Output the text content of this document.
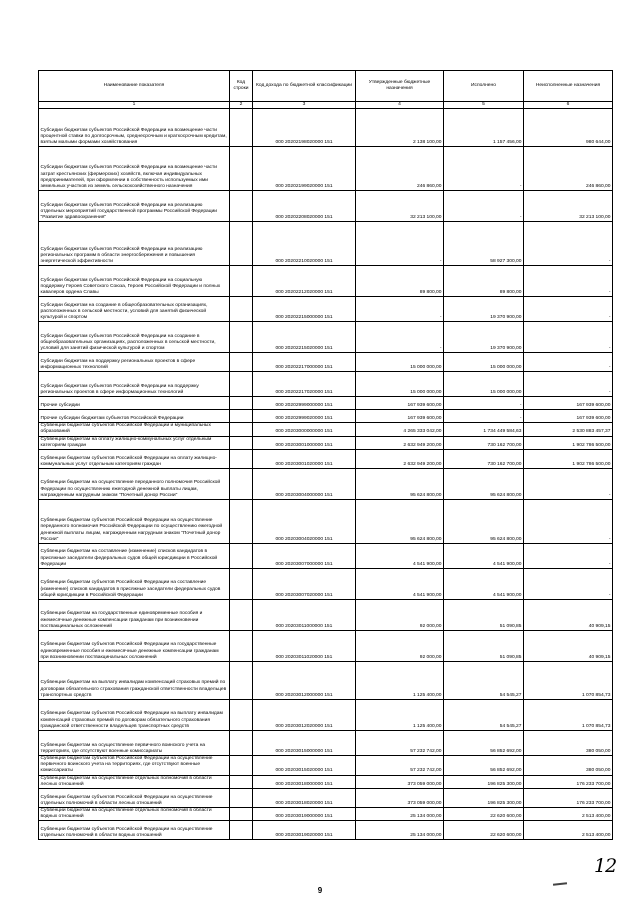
Наименование показателя	Код строки	Код дохода по бюджетной классификации	Утвержденные бюджетные назначения	Исполнено	Неисполненные назначения
1	2	3	4	5	6
Субсидии бюджетам субъектов Российской Федерации на возмещение части процентной ставки по долгосрочным, среднесрочным и краткосрочным кредитам, взятым малыми формами хозяйствования		000 20202198020000 151	2 138 100,00	1 157 456,00	980 644,00
Субсидии бюджетам субъектов Российской Федерации на возмещение части затрат крестьянских (фермерских) хозяйств, включая индивидуальных предпринимателей, при оформлении в собственность используемых ими земельных участков из земель сельскохозяйственного назначения		000 20202199020000 151	246 860,00	-	246 860,00
Субсидии бюджетам субъектов Российской Федерации на реализацию отдельных мероприятий государственной программы Российской Федерации "Развитие здравоохранения"		000 20202208020000 151	32 213 100,00	-	32 213 100,00
Субсидии бюджетам субъектов Российской Федерации на реализацию региональных программ в области энергосбережения и повышения энергетической эффективности		000 20202210020000 151	-	58 927 300,00	-
Субсидии бюджетам субъектов Российской Федерации на социальную поддержку Героев Советского Союза, Героев Российской Федерации и полных кавалеров ордена Славы		000 20202212020000 151	89 800,00	89 800,00	-
Субсидии бюджетам на создание в общеобразовательных организациях, расположенных в сельской местности, условий для занятий физической культурой и спортом		000 20202215000000 151	-	19 370 900,00	-
Субсидии бюджетам субъектов Российской Федерации на создание в общеобразовательных организациях, расположенных в сельской местности, условий для занятий физической культурой и спортом		000 20202215020000 151	-	19 370 900,00	-
Субсидии бюджетам на поддержку региональных проектов в сфере информационных технологий		000 20202217000000 151	15 000 000,00	15 000 000,00	-
Субсидии бюджетам субъектов Российской Федерации на поддержку региональных проектов в сфере информационных технологий		000 20202217020000 151	15 000 000,00	15 000 000,00	-
Прочие субсидии		000 20202999000000 151	167 939 600,00	-	167 939 600,00
Прочие субсидии бюджетам субъектов Российской Федерации		000 20202999020000 151	167 939 600,00	-	167 939 600,00
Субвенции бюджетам субъектов Российской Федерации и муниципальных образований		000 20203000000000 151	4 265 333 042,00	1 734 449 584,63	2 530 883 457,37
Субвенции бюджетам на оплату жилищно-коммунальных услуг отдельным категориям граждан		000 20203001000000 151	2 632 949 200,00	730 162 700,00	1 902 786 500,00
Субвенции бюджетам субъектов Российской Федерации на оплату жилищно-коммунальных услуг отдельным категориям граждан		000 20203001020000 151	2 632 949 200,00	730 162 700,00	1 902 786 500,00
Субвенции бюджетам на осуществление переданного полномочия Российской Федерации по осуществлению ежегодной денежной выплаты лицам, награжденным нагрудным знаком "Почетный донор России"		000 20203004000000 151	95 624 800,00	95 624 800,00	-
Субвенции бюджетам субъектов Российской Федерации на осуществление переданного полномочия Российской Федерации по осуществлению ежегодной денежной выплаты лицам, награжденным нагрудным знаком "Почетный донор России"		000 20203004020000 151	95 624 800,00	95 624 800,00	-
Субвенции бюджетам на составление (изменение) списков кандидатов в присяжные заседатели федеральных судов общей юрисдикции в Российской Федерации		000 20203007000000 151	4 541 900,00	4 541 900,00	-
Субвенции бюджетам субъектов Российской Федерации на составление (изменение) списков кандидатов в присяжные заседатели федеральных судов общей юрисдикции в Российской Федерации		000 20203007020000 151	4 541 900,00	4 541 900,00	-
Субвенции бюджетам на государственные единовременные пособия и ежемесячные денежные компенсации гражданам при возникновении поствакцинальных осложнений		000 20203011000000 151	92 000,00	51 090,85	40 909,15
Субвенции бюджетам субъектов Российской Федерации на государственные единовременные пособия и ежемесячные денежные компенсации гражданам при возникновении поствакцинальных осложнений		000 20203011020000 151	92 000,00	51 090,85	40 909,15
Субвенции бюджетам на выплату инвалидам компенсаций страховых премий по договорам обязательного страхования гражданской ответственности владельцев транспортных средств		000 20203012000000 151	1 125 400,00	54 545,27	1 070 854,73
Субвенции бюджетам субъектов Российской Федерации на выплату инвалидам компенсаций страховых премий по договорам обязательного страхования гражданской ответственности владельцев транспортных средств		000 20203012020000 151	1 125 400,00	54 545,27	1 070 854,73
Субвенции бюджетам на осуществление первичного воинского учета на территориях, где отсутствуют военные комиссариаты		000 20203015000000 151	57 232 742,00	56 852 692,00	380 050,00
Субвенции бюджетам субъектов Российской Федерации на осуществление первичного воинского учета на территориях, где отсутствуют военные комиссариаты		000 20203015020000 151	57 232 742,00	56 852 692,00	380 050,00
Субвенции бюджетам на осуществление отдельных полномочий в области лесных отношений		000 20203018000000 151	373 059 000,00	196 825 300,00	176 233 700,00
Субвенции бюджетам субъектов Российской Федерации на осуществление отдельных полномочий в области лесных отношений		000 20203018020000 151	373 059 000,00	196 825 300,00	176 233 700,00
Субвенции бюджетам на осуществление отдельных полномочий в области водных отношений		000 20203019000000 151	25 134 000,00	22 620 600,00	2 513 400,00
Субвенции бюджетам субъектов Российской Федерации на осуществление отдельных полномочий в области водных отношений		000 20203019020000 151	25 134 000,00	22 620 600,00	2 513 400,00
9
12
